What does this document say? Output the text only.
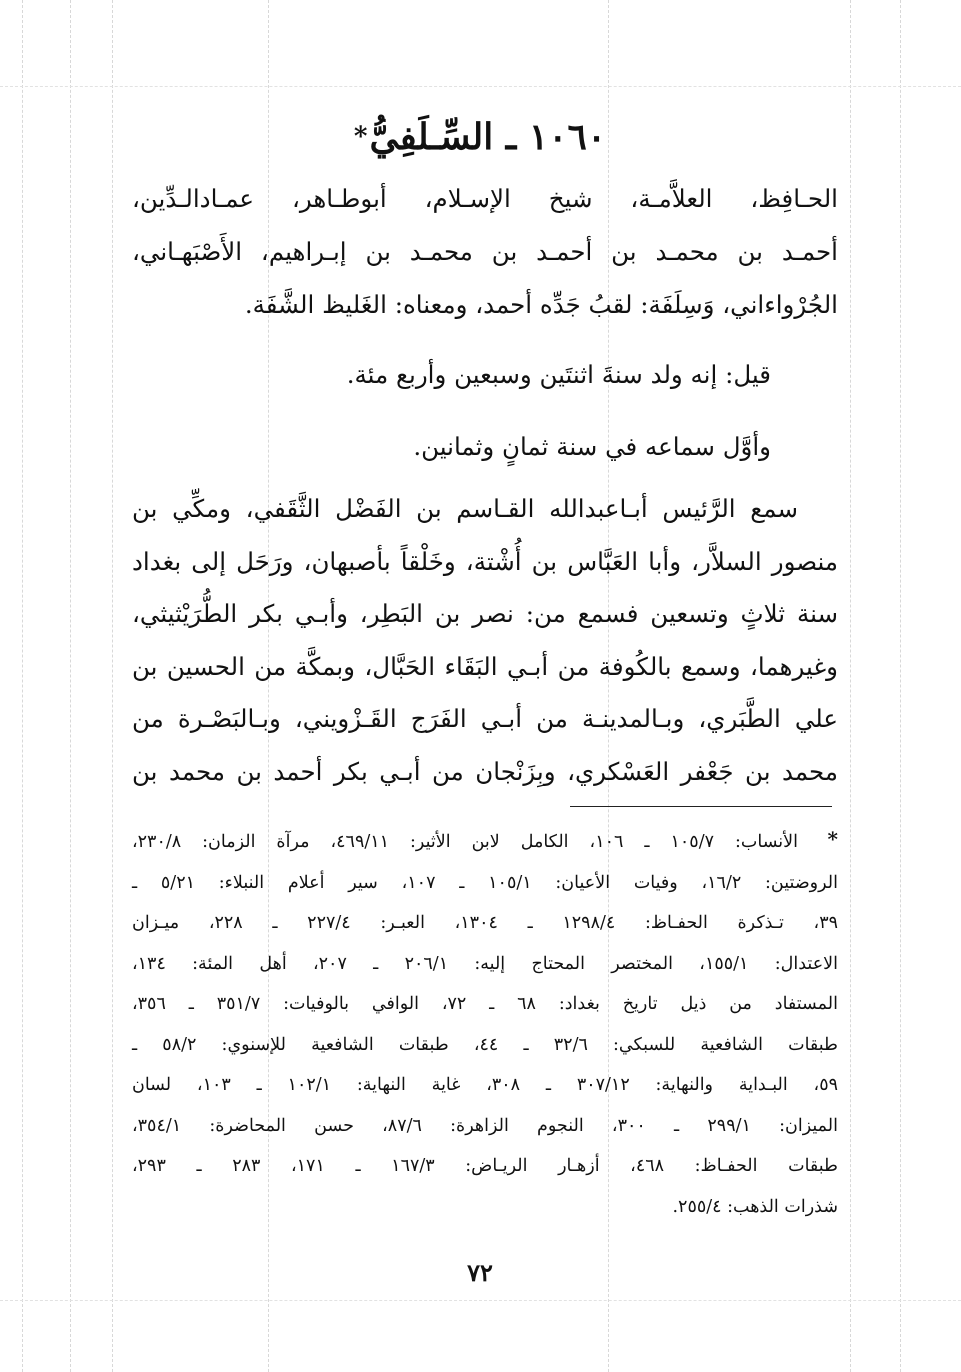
١٠٦٠ ـ السِّـلَفِيُّ*
الحـافِظ، العلاَّمـة، شيخ الإسـلام، أبوطـاهر، عمـادالـدِّين،
أحمـد بن محمـد بن أحمـد بن محمـد بن إبـراهيم، الأَصْبَهـاني،
الجُرْواءاني، وَسِلَفَة: لقبُ جَدِّه أحمد، ومعناه: الغَليظ الشَّفَة.
قيل: إنه ولد سنةَ اثنتَين وسبعين وأربع مئة.
وأوَّل سماعه في سنة ثمانٍ وثمانين.
سمع الرَّئيس أبـاعبدالله القـاسم بن الفَضْل الثَّقَفي، ومكِّي بن
منصور السلاَّر، وأبا العَبَّاس بن أُشْتة، وخَلْقاً بأصبهان، ورَحَل إلى بغداد
سنة ثلاثٍ وتسعين فسمع من: نصر بن البَطِر، وأبـي بكر الطُّرَيْثيثي،
وغيرهما، وسمع بالكُوفة من أبـي البَقَاء الحَبَّال، وبمكَّة من الحسين بن
علي الطَّبَري، وبـالمدينـة من أبـي الفَرَج القَـزْويني، وبـالبَصْـرة من
محمد بن جَعْفر العَسْكري، وبِزَنْجان من أبـي بكر أحمد بن محمد بن
*
الأنساب: ١٠٥/٧ ـ ١٠٦، الكامل لابن الأثير: ٤٦٩/١١، مرآة الزمان: ٢٣٠/٨،
الروضتين: ١٦/٢، وفيات الأعيان: ١٠٥/١ ـ ١٠٧، سير أعلام النبلاء: ٥/٢١ ـ
٣٩، تـذكرة الحفـاظ: ١٢٩٨/٤ ـ ١٣٠٤، العبـر: ٢٢٧/٤ ـ ٢٢٨، ميـزان
الاعتدال: ١٥٥/١، المختصر المحتاج إليه: ٢٠٦/١ ـ ٢٠٧، أهل المئة: ١٣٤،
المستفاد من ذيل تاريخ بغداد: ٦٨ ـ ٧٢، الوافي بالوفيات: ٣٥١/٧ ـ ٣٥٦،
طبقات الشافعية للسبكي: ٣٢/٦ ـ ٤٤، طبقات الشافعية للإسنوي: ٥٨/٢ ـ
٥٩، البـداية والنهاية: ٣٠٧/١٢ ـ ٣٠٨، غاية النهاية: ١٠٢/١ ـ ١٠٣، لسان
الميزان: ٢٩٩/١ ـ ٣٠٠، النجوم الزاهرة: ٨٧/٦، حسن المحاضرة: ٣٥٤/١،
طبقات الحفـاظ: ٤٦٨، أزهـار الريـاض: ١٦٧/٣ ـ ١٧١، ٢٨٣ ـ ٢٩٣،
شذرات الذهب: ٢٥٥/٤.
٧٢
